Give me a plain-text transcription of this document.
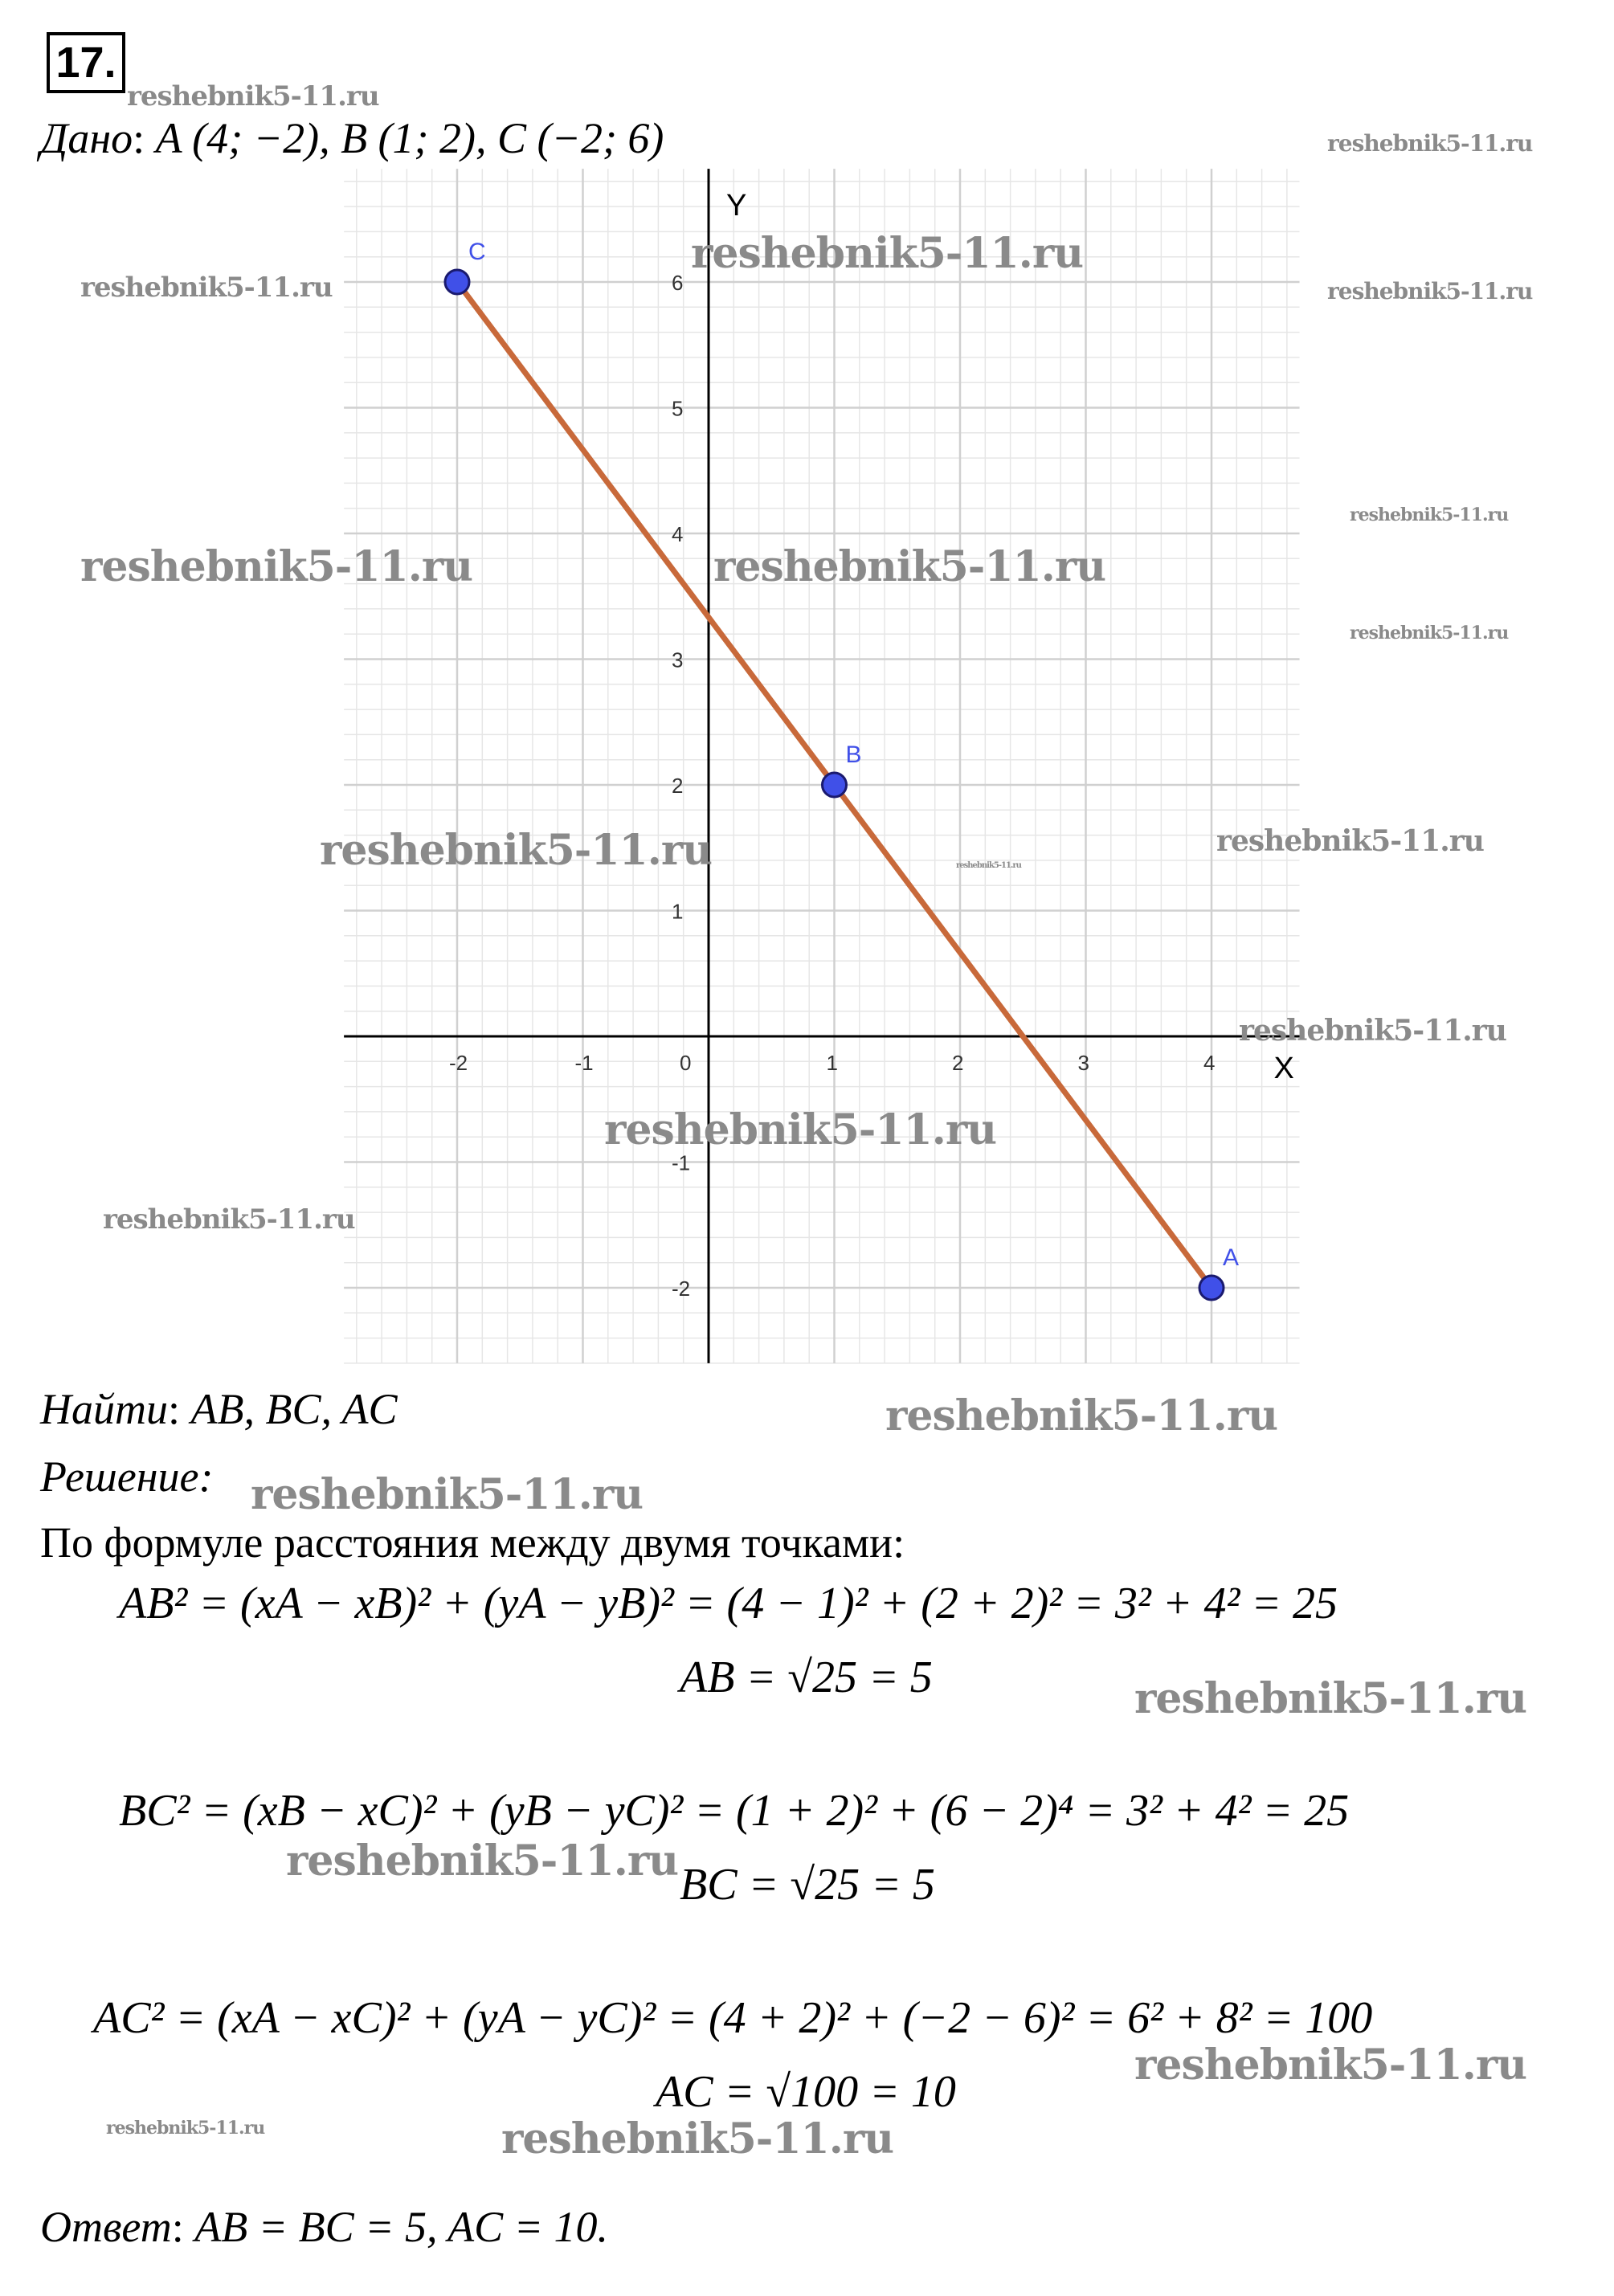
17.
Дано: A (4; −2), B (1; 2), C (−2; 6)
X
Y
-2	-1	0	1	2	3	4
-2
-1
1
2
3
4
5
6
C
B
A
Найти: AB, BC, AC
Решение:
По формуле расстояния между двумя точками:
AB² = (xA − xB)² + (yA − yB)² = (4 − 1)² + (2 + 2)² = 3² + 4² = 25
AB = √25 = 5
BC² = (xB − xC)² + (yB − yC)² = (1 + 2)² + (6 − 2)⁴ = 3² + 4² = 25
BC = √25 = 5
AC² = (xA − xC)² + (yA − yC)² = (4 + 2)² + (−2 − 6)² = 6² + 8² = 100
AC = √100 = 10
Ответ: AB = BC = 5, AC = 10.
reshebnik5-11.ru
reshebnik5-11.ru
reshebnik5-11.ru
reshebnik5-11.ru
reshebnik5-11.ru
reshebnik5-11.ru
reshebnik5-11.ru	reshebnik5-11.ru
reshebnik5-11.ru
reshebnik5-11.ru	reshebnik5-11.ru
reshebnik5-11.ru
reshebnik5-11.ru
reshebnik5-11.ru
reshebnik5-11.ru
reshebnik5-11.ru
reshebnik5-11.ru
reshebnik5-11.ru
reshebnik5-11.ru
reshebnik5-11.ru
reshebnik5-11.ru	reshebnik5-11.ru
